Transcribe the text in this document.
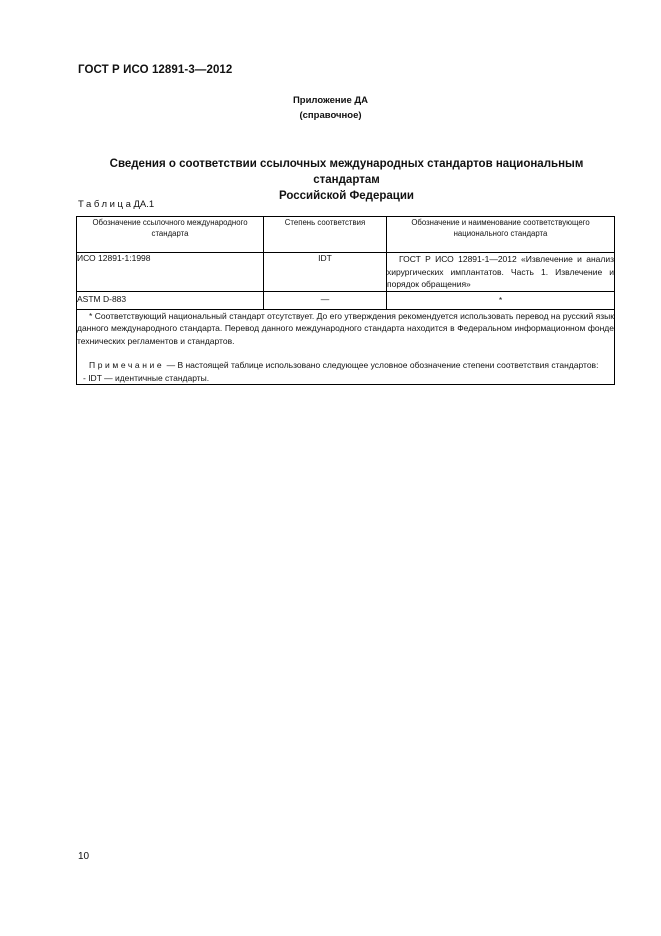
ГОСТ Р ИСО 12891-3—2012
Приложение ДА
(справочное)
Сведения о соответствии ссылочных международных стандартов национальным стандартам
Российской Федерации
ТаблицаДА.1
Обозначение ссылочного международного стандарта	Степень соответствия	Обозначение и наименование соответствующего национального стандарта
ИСО 12891-1:1998	IDT	ГОСТ Р ИСО 12891-1—2012 «Извлечение и анализ хирургических имплантатов. Часть 1. Извлечение и порядок обращения»
ASTM D-883	—	*

* Соответствующий национальный стандарт отсутствует. До его утверждения рекомендуется использовать перевод на русский язык данного международного стандарта. Перевод данного международного стандарта находится в Федеральном информационном фонде технических регламентов и стандартов.

Примечание — В настоящей таблице использовано следующее условное обозначение степени соответствия стандартов:

- IDT — идентичные стандарты.		

10
